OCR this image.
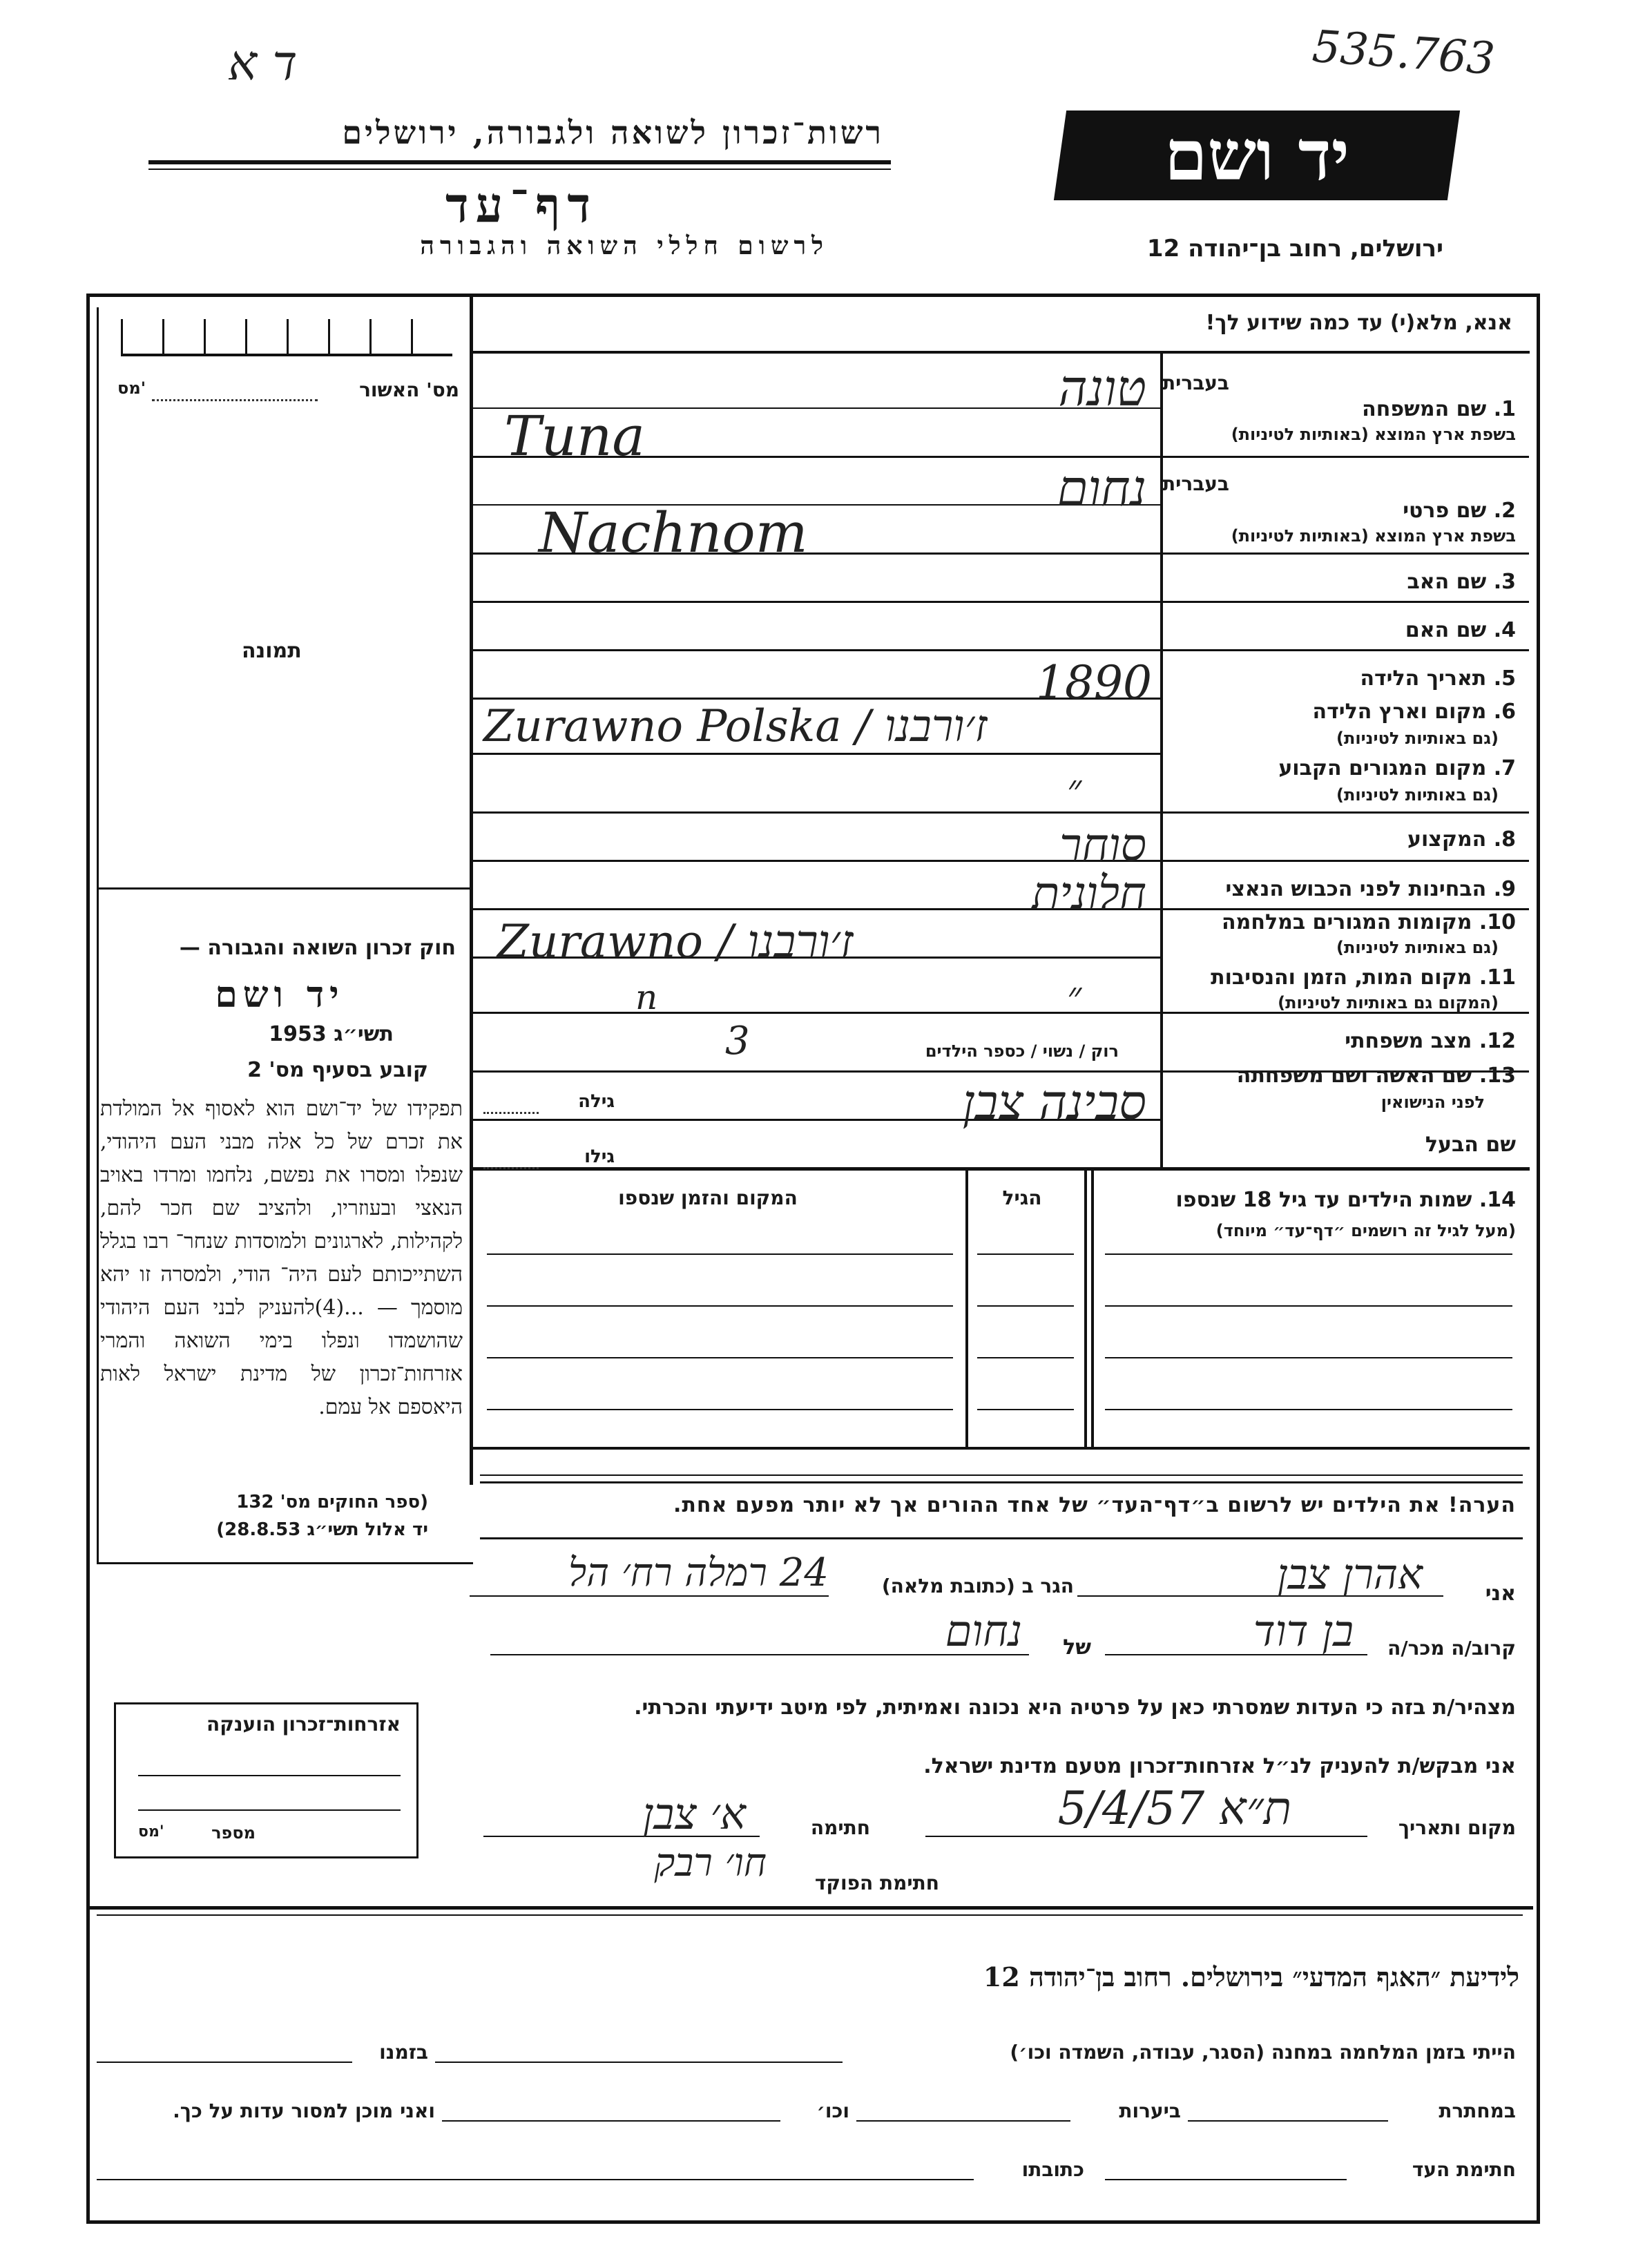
ד א	535.763
רשות־זכרון לשואה ולגבורה, ירושלים
דף־עד
לרשום חללי השואה והגבורה
יד ושם
ירושלים, רחוב בן־יהודה 12
מס' האשור
מס'
תמונה
חוק זכרון השואה והגבורה —
יד ושם
תשי״ג 1953
קובע בסעיף מס' 2
תפקידו של יד־ושם הוא לאסוף אל המולדת את זכרם של כל אלה מבני העם היהודי, שנפלו ומסרו את נפשם, נלחמו ומרדו באויב הנאצי ובעוזריו, ולהציב שם חכר להם, לקהילות, לארגונים ולמוסדות שנחר־ רבו בגלל השתייכותם לעם היה־ הודי, ולמסרה זו יהא מוסמך — ...(4)להעניק לבני העם היהודי שהושמדו ונפלו בימי השואה והמרי אזרחות־זכרון של מדינת ישראל לאות היאספם אל עמם.
(ספר החוקים מס' 132
יד אלול תשי״ג 28.8.53)
אנא, מלא(י) עד כמה שידוע לך!
בעברית
1. שם המשפחה
בשפת ארץ המוצא (באותיות לטיניות)
בעברית
2. שם פרטי
בשפת ארץ המוצא (באותיות לטיניות)
3. שם האב
4. שם האם
5. תאריך הלידה
6. מקום וארץ הלידה
(גם באותיות לטיניות)
7. מקום המגורים הקבוע
(גם באותיות לטיניות)
8. המקצוע
9. הבחינות לפני הכבוש הנאצי
10. מקומות המגורים במלחמה
(גם באותיות לטיניות)
11. מקום המות, הזמן והנסיבות
(המקום גם באותיות לטיניות)
12. מצב משפחתי
13. שם האשה ושם משפחתה
לפני הנישואין
שם הבעל
טונה
Tuna
נחום
Nachnom
1890
Zurawno Polska / ז׳ורבנו
״
סוחר
חלונית
Zurawno / ז׳ורבנו
״
n
רוק / נשוי / כספר הילדים
3
גילה	סבינה צבן
גילו
14. שמות הילדים עד גיל 18 שנספו
(מעל לגיל זה רושמים ״דף־עד״ מיוחד)
הגיל
המקום והזמן שנספו
הערה! את הילדים יש לרשום ב״דף־העד״ של אחד ההורים אך לא יותר מפעם אחת.
אני
אהרן צבן
הגר ב (כתובת מלאה)
24 רמלה רח׳ הל
קרוב/ה מכר/ה
בן דוד
של
נחום
מצהיר/ת בזה כי העדות שמסרתי כאן על פרטיה היא נכונה ואמיתית, לפי מיטב ידיעתי והכרתי.
אני מבקש/ת להעניק לנ״ל אזרחות־זכרון מטעם מדינת ישראל.
מקום ותאריך
ת״א 5/4/57
חתימה
א׳ צבן
חתימת הפוקד
חו׳ רבק
אזרחות־זכרון הוענקה
מספר
מס'
לידיעת ״האגף המדעי״ בירושלים. רחוב בן־יהודה 12
הייתי בזמן המלחמה במחנה (הסגר, עבודה, השמדה וכו׳)
בזמנו
במחתרת
ביערות
וכו׳
ואני מוכן למסור עדות על כך.
חתימת העד
כתובתו
